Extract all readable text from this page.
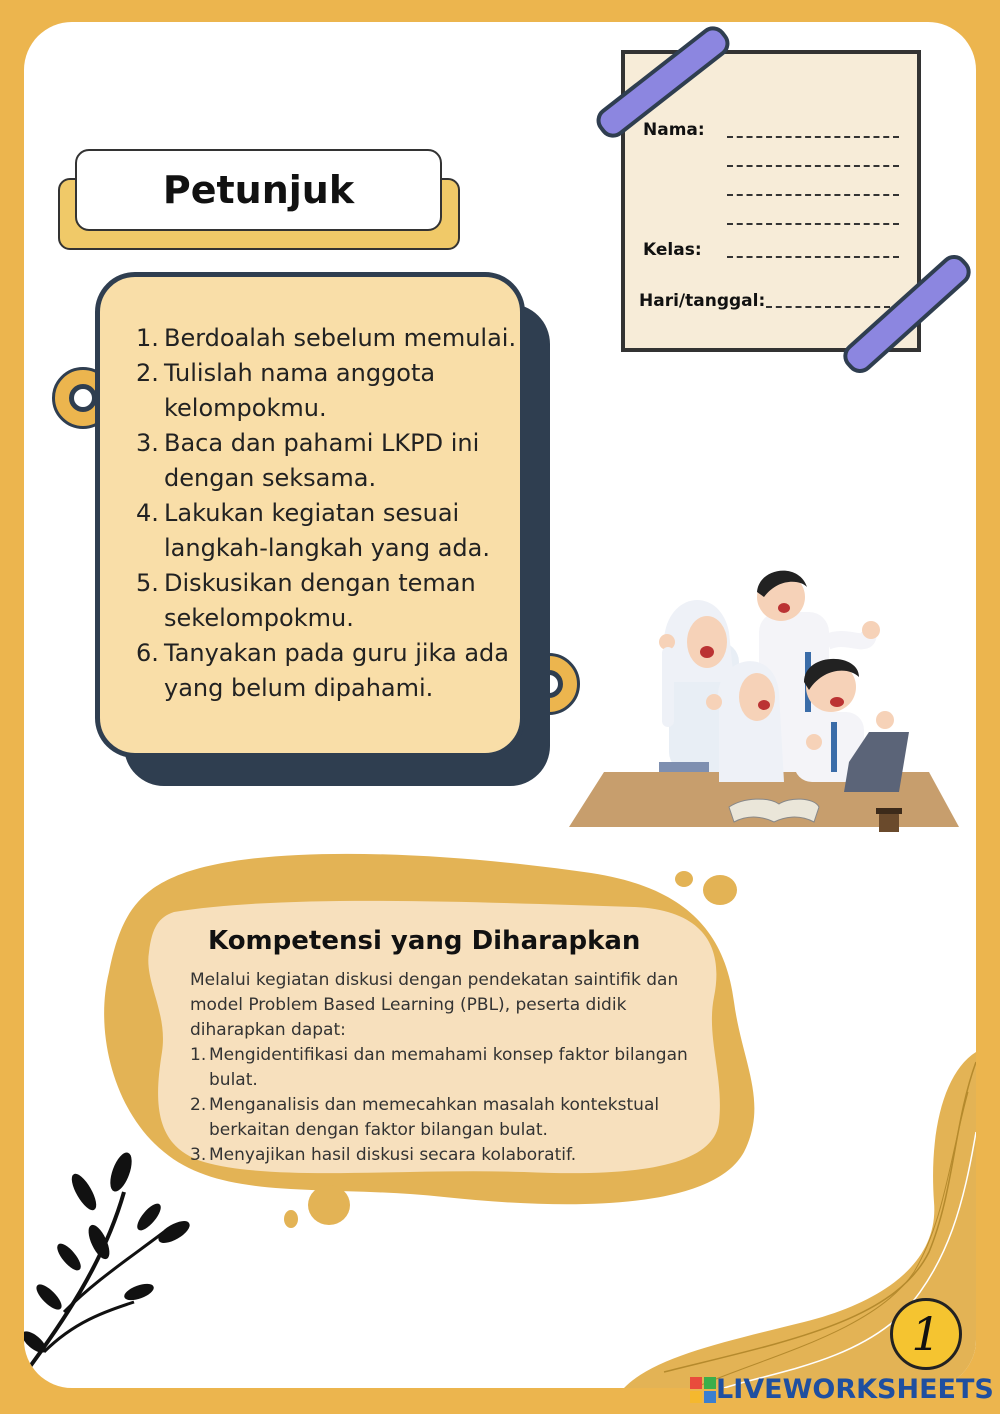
Petunjuk
1. Berdoalah sebelum memulai.
2. Tulislah nama anggota kelompokmu.
3. Baca dan pahami LKPD ini dengan seksama.
4. Lakukan kegiatan sesuai langkah-langkah yang ada.
5. Diskusikan dengan teman sekelompokmu.
6. Tanyakan pada guru jika ada yang belum dipahami.
Nama:
Kelas:
Hari/tanggal:
Kompetensi yang Diharapkan
Melalui kegiatan diskusi dengan pendekatan saintifik dan model Problem Based Learning (PBL), peserta didik diharapkan dapat:
1. Mengidentifikasi dan memahami konsep faktor bilangan bulat.
2. Menganalisis dan memecahkan masalah kontekstual berkaitan dengan faktor bilangan bulat.
3. Menyajikan hasil diskusi secara kolaboratif.
1
LIVEWORKSHEETS
